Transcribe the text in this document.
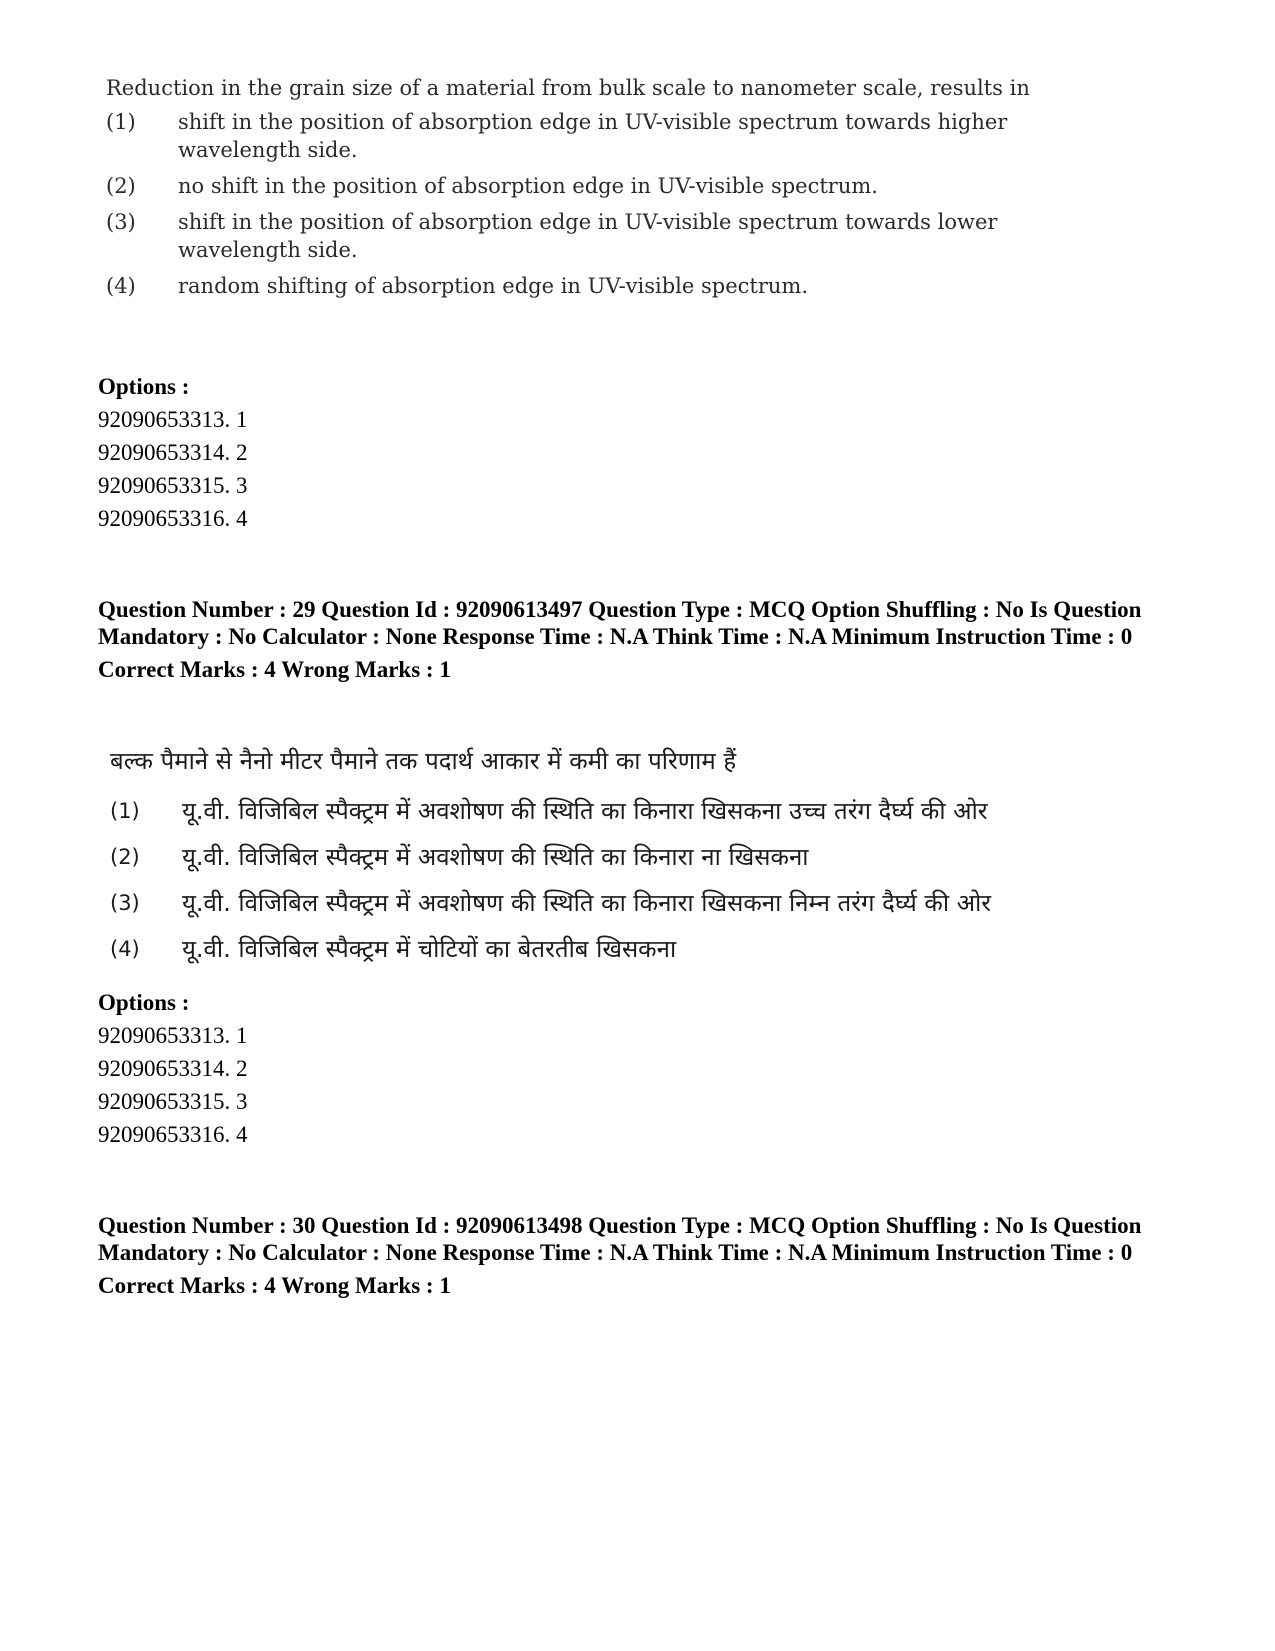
Reduction in the grain size of a material from bulk scale to nanometer scale, results in
(1)	shift in the position of absorption edge in UV-visible spectrum towards higher wavelength side.
(2)	no shift in the position of absorption edge in UV-visible spectrum.
(3)	shift in the position of absorption edge in UV-visible spectrum towards lower wavelength side.
(4)	random shifting of absorption edge in UV-visible spectrum.
Options :
92090653313. 1
92090653314. 2
92090653315. 3
92090653316. 4
Question Number : 29 Question Id : 92090613497 Question Type : MCQ Option Shuffling : No Is Question Mandatory : No Calculator : None Response Time : N.A Think Time : N.A Minimum Instruction Time : 0
Correct Marks : 4 Wrong Marks : 1
बल्क पैमाने से नैनो मीटर पैमाने तक पदार्थ आकार में कमी का परिणाम हैं
(1)	यू.वी. विजिबिल स्पैक्ट्रम में अवशोषण की स्थिति का किनारा खिसकना उच्च तरंग दैर्घ्य की ओर
(2)	यू.वी. विजिबिल स्पैक्ट्रम में अवशोषण की स्थिति का किनारा ना खिसकना
(3)	यू.वी. विजिबिल स्पैक्ट्रम में अवशोषण की स्थिति का किनारा खिसकना निम्न तरंग दैर्घ्य की ओर
(4)	यू.वी. विजिबिल स्पैक्ट्रम में चोटियों का बेतरतीब खिसकना
Options :
92090653313. 1
92090653314. 2
92090653315. 3
92090653316. 4
Question Number : 30 Question Id : 92090613498 Question Type : MCQ Option Shuffling : No Is Question Mandatory : No Calculator : None Response Time : N.A Think Time : N.A Minimum Instruction Time : 0
Correct Marks : 4 Wrong Marks : 1
